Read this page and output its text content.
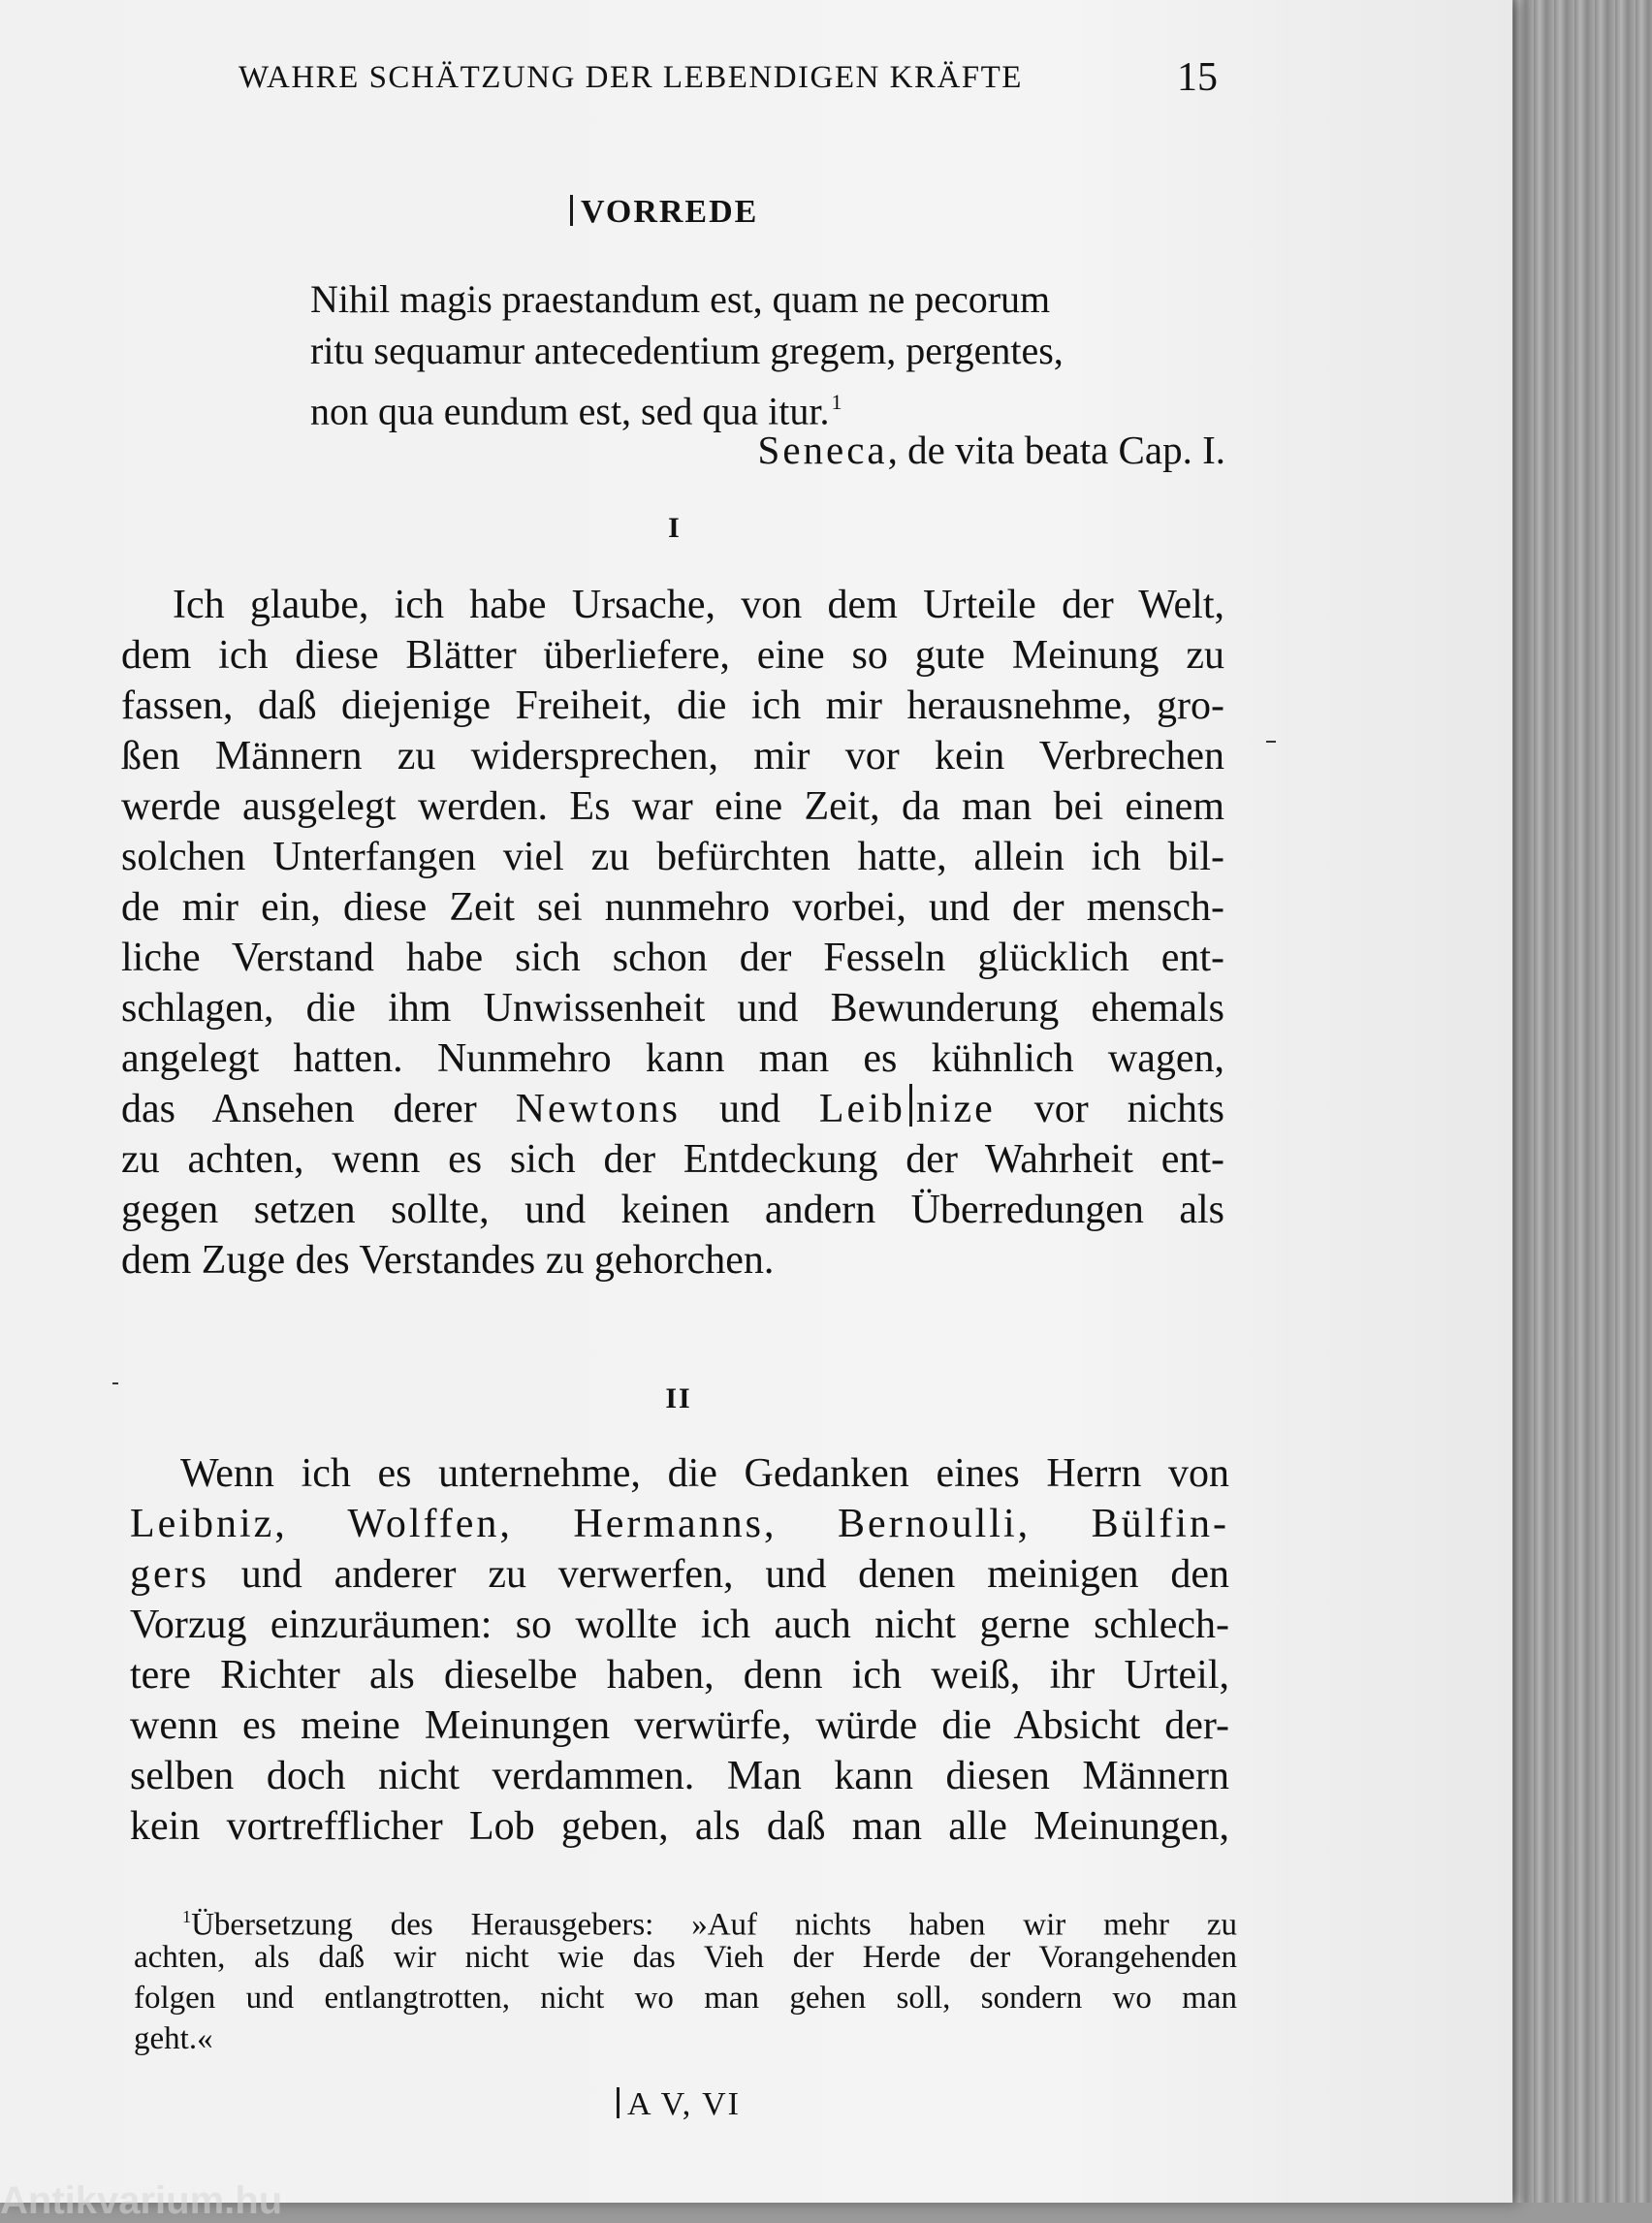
WAHRE SCHÄTZUNG DER LEBENDIGEN KRÄFTE	15
VORREDE
Nihil magis praestandum est, quam ne pecorum
ritu sequamur antecedentium gregem, pergentes,
non qua eundum est, sed qua itur.$^1$
Seneca, de vita beata Cap. I.
I
Ich glaube, ich habe Ursache, von dem Urteile der Welt,
dem ich diese Blätter überliefere, eine so gute Meinung zu
fassen, daß diejenige Freiheit, die ich mir herausnehme, gro-
ßen Männern zu widersprechen, mir vor kein Verbrechen
werde ausgelegt werden. Es war eine Zeit, da man bei einem
solchen Unterfangen viel zu befürchten hatte, allein ich bil-
de mir ein, diese Zeit sei nunmehro vorbei, und der mensch-
liche Verstand habe sich schon der Fesseln glücklich ent-
schlagen, die ihm Unwissenheit und Bewunderung ehemals
angelegt hatten. Nunmehro kann man es kühnlich wagen,
das Ansehen derer Newtons und Leib nize vor nichts
zu achten, wenn es sich der Entdeckung der Wahrheit ent-
gegen setzen sollte, und keinen andern Überredungen als
dem Zuge des Verstandes zu gehorchen.
II
Wenn ich es unternehme, die Gedanken eines Herrn von
Leibniz, Wolffen, Hermanns, Bernoulli, Bülfin-
gers und anderer zu verwerfen, und denen meinigen den
Vorzug einzuräumen: so wollte ich auch nicht gerne schlech-
tere Richter als dieselbe haben, denn ich weiß, ihr Urteil,
wenn es meine Meinungen verwürfe, würde die Absicht der-
selben doch nicht verdammen. Man kann diesen Männern
kein vortrefflicher Lob geben, als daß man alle Meinungen,
$^1$Übersetzung des Herausgebers: »Auf nichts haben wir mehr zu
achten, als daß wir nicht wie das Vieh der Herde der Vorangehenden
folgen und entlangtrotten, nicht wo man gehen soll, sondern wo man
geht.«
A V, VI
Antikvarium.hu
